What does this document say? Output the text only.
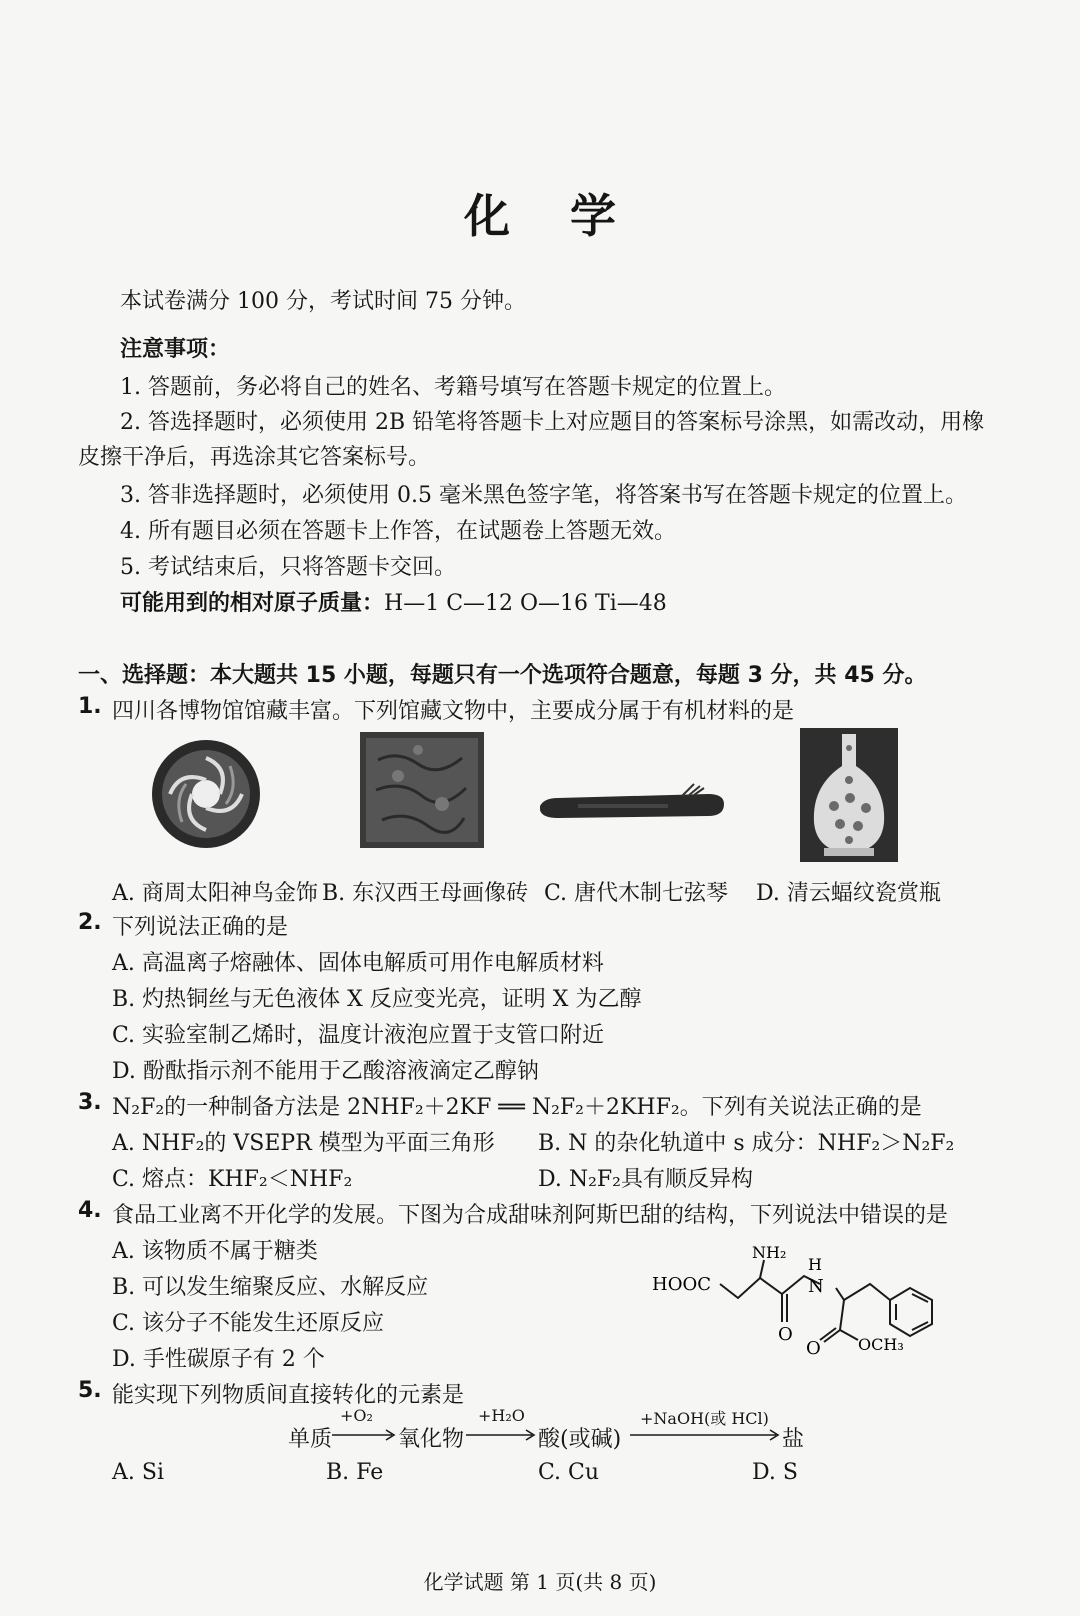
化学
本试卷满分 100 分，考试时间 75 分钟。
注意事项：
1. 答题前，务必将自己的姓名、考籍号填写在答题卡规定的位置上。
2. 答选择题时，必须使用 2B 铅笔将答题卡上对应题目的答案标号涂黑，如需改动，用橡
皮擦干净后，再选涂其它答案标号。
3. 答非选择题时，必须使用 0.5 毫米黑色签字笔，将答案书写在答题卡规定的位置上。
4. 所有题目必须在答题卡上作答，在试题卷上答题无效。
5. 考试结束后，只将答题卡交回。
可能用到的相对原子质量：H—1 C—12 O—16 Ti—48
一、选择题：本大题共 15 小题，每题只有一个选项符合题意，每题 3 分，共 45 分。
1. 四川各博物馆馆藏丰富。下列馆藏文物中，主要成分属于有机材料的是
A. 商周太阳神鸟金饰 B. 东汉西王母画像砖 C. 唐代木制七弦琴 D. 清云蝠纹瓷赏瓶
2. 下列说法正确的是
A. 高温离子熔融体、固体电解质可用作电解质材料
B. 灼热铜丝与无色液体 X 反应变光亮，证明 X 为乙醇
C. 实验室制乙烯时，温度计液泡应置于支管口附近
D. 酚酞指示剂不能用于乙酸溶液滴定乙醇钠
3. N₂F₂的一种制备方法是 2NHF₂＋2KF ══ N₂F₂＋2KHF₂。下列有关说法正确的是
A. NHF₂的 VSEPR 模型为平面三角形 B. N 的杂化轨道中 s 成分：NHF₂＞N₂F₂
C. 熔点：KHF₂＜NHF₂	D. N₂F₂具有顺反异构
4. 食品工业离不开化学的发展。下图为合成甜味剂阿斯巴甜的结构，下列说法中错误的是
A. 该物质不属于糖类
B. 可以发生缩聚反应、水解反应
C. 该分子不能发生还原反应
D. 手性碳原子有 2 个
HOOC
NH₂
H
N
O
O OCH₃
5. 能实现下列物质间直接转化的元素是
单质
+O₂
氧化物
+H₂O
酸(或碱)
+NaOH(或 HCl)
盐
A. Si	B. Fe	C. Cu	D. S
化学试题 第 1 页(共 8 页)
